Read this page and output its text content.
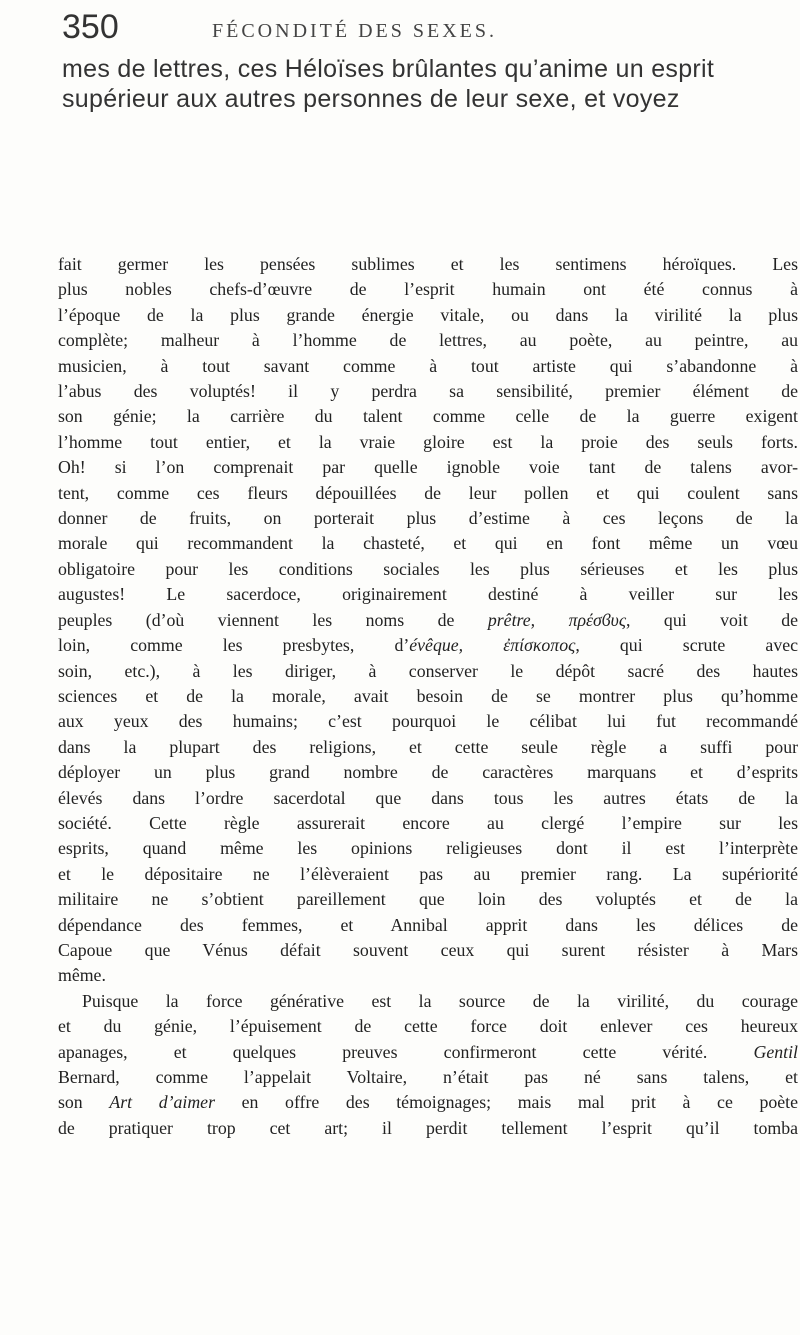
350	FÉCONDITÉ DES SEXES.
mes de lettres, ces Héloïses brûlantes qu’anime un esprit
supérieur aux autres personnes de leur sexe, et voyez
fait germer les pensées sublimes et les sentimens héroïques. Les
plus nobles chefs-d’œuvre de l’esprit humain ont été connus à
l’époque de la plus grande énergie vitale, ou dans la virilité la plus
complète; malheur à l’homme de lettres, au poète, au peintre, au
musicien, à tout savant comme à tout artiste qui s’abandonne à
l’abus des voluptés! il y perdra sa sensibilité, premier élément de
son génie; la carrière du talent comme celle de la guerre exigent
l’homme tout entier, et la vraie gloire est la proie des seuls forts.
Oh! si l’on comprenait par quelle ignoble voie tant de talens avor-
tent, comme ces fleurs dépouillées de leur pollen et qui coulent sans
donner de fruits, on porterait plus d’estime à ces leçons de la
morale qui recommandent la chasteté, et qui en font même un vœu
obligatoire pour les conditions sociales les plus sérieuses et les plus
augustes! Le sacerdoce, originairement destiné à veiller sur les
peuples (d’où viennent les noms de prêtre, πρέσϐυς, qui voit de
loin, comme les presbytes, d’évêque, ἐπίσκοπος, qui scrute avec
soin, etc.), à les diriger, à conserver le dépôt sacré des hautes
sciences et de la morale, avait besoin de se montrer plus qu’homme
aux yeux des humains; c’est pourquoi le célibat lui fut recommandé
dans la plupart des religions, et cette seule règle a suffi pour
déployer un plus grand nombre de caractères marquans et d’esprits
élevés dans l’ordre sacerdotal que dans tous les autres états de la
société. Cette règle assurerait encore au clergé l’empire sur les
esprits, quand même les opinions religieuses dont il est l’interprète
et le dépositaire ne l’élèveraient pas au premier rang. La supériorité
militaire ne s’obtient pareillement que loin des voluptés et de la
dépendance des femmes, et Annibal apprit dans les délices de
Capoue que Vénus défait souvent ceux qui surent résister à Mars
même.
Puisque la force générative est la source de la virilité, du courage
et du génie, l’épuisement de cette force doit enlever ces heureux
apanages, et quelques preuves confirmeront cette vérité. Gentil
Bernard, comme l’appelait Voltaire, n’était pas né sans talens, et
son Art d’aimer en offre des témoignages; mais mal prit à ce poète
de pratiquer trop cet art; il perdit tellement l’esprit qu’il tomba
